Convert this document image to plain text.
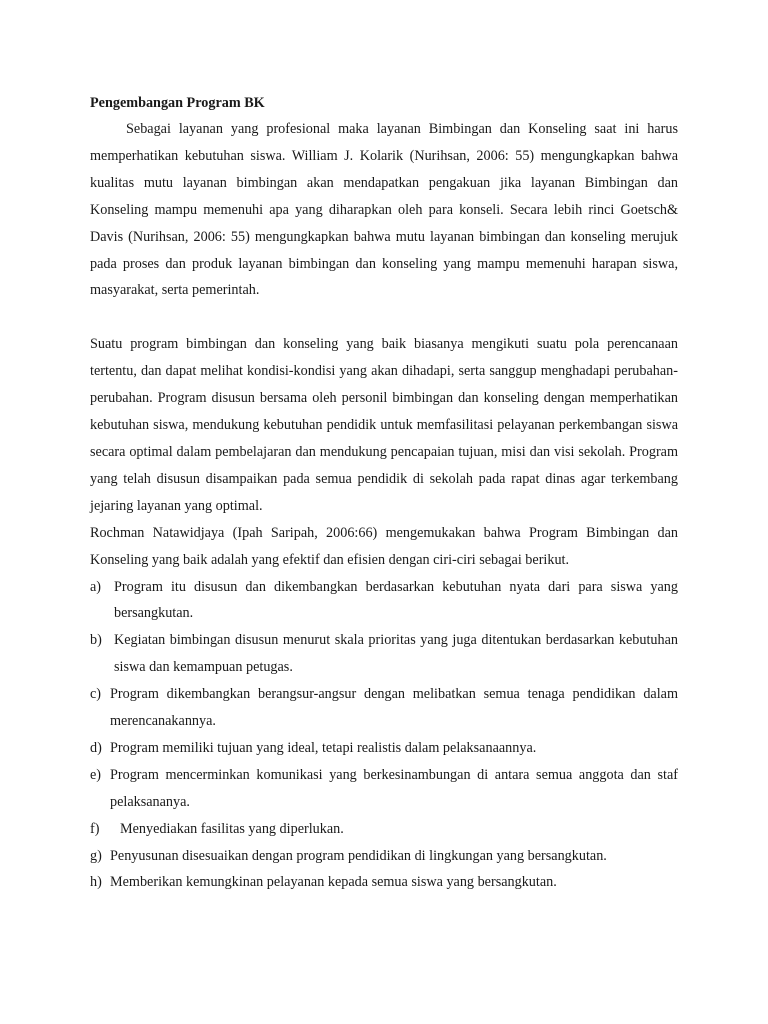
Pengembangan Program BK

Sebagai layanan yang profesional maka layanan Bimbingan dan Konseling saat ini harus memperhatikan kebutuhan siswa. William J. Kolarik (Nurihsan, 2006: 55) mengungkapkan bahwa kualitas mutu layanan bimbingan akan mendapatkan pengakuan jika layanan Bimbingan dan Konseling mampu memenuhi apa yang diharapkan oleh para konseli. Secara lebih rinci Goetsch& Davis (Nurihsan, 2006: 55) mengungkapkan bahwa mutu layanan bimbingan dan konseling merujuk pada proses dan produk layanan bimbingan dan konseling yang mampu memenuhi harapan siswa, masyarakat, serta pemerintah.

Suatu program bimbingan dan konseling yang baik biasanya mengikuti suatu pola perencanaan tertentu, dan dapat melihat kondisi-kondisi yang akan dihadapi, serta sanggup menghadapi perubahan-perubahan. Program disusun bersama oleh personil bimbingan dan konseling dengan memperhatikan kebutuhan siswa, mendukung kebutuhan pendidik untuk memfasilitasi pelayanan perkembangan siswa secara optimal dalam pembelajaran dan mendukung pencapaian tujuan, misi dan visi sekolah. Program yang telah disusun disampaikan pada semua pendidik di sekolah pada rapat dinas agar terkembang jejaring layanan yang optimal.

Rochman Natawidjaya (Ipah Saripah, 2006:66) mengemukakan bahwa Program Bimbingan dan Konseling yang baik adalah yang efektif dan efisien dengan ciri-ciri sebagai berikut.

a) Program itu disusun dan dikembangkan berdasarkan kebutuhan nyata dari para siswa yang bersangkutan.
b) Kegiatan bimbingan disusun menurut skala prioritas yang juga ditentukan berdasarkan kebutuhan siswa dan kemampuan petugas.
c) Program dikembangkan berangsur-angsur dengan melibatkan semua tenaga pendidikan dalam merencanakannya.
d) Program memiliki tujuan yang ideal, tetapi realistis dalam pelaksanaannya.
e) Program mencerminkan komunikasi yang berkesinambungan di antara semua anggota dan staf pelaksananya.
f) Menyediakan fasilitas yang diperlukan.
g) Penyusunan disesuaikan dengan program pendidikan di lingkungan yang bersangkutan.
h) Memberikan kemungkinan pelayanan kepada semua siswa yang bersangkutan.
